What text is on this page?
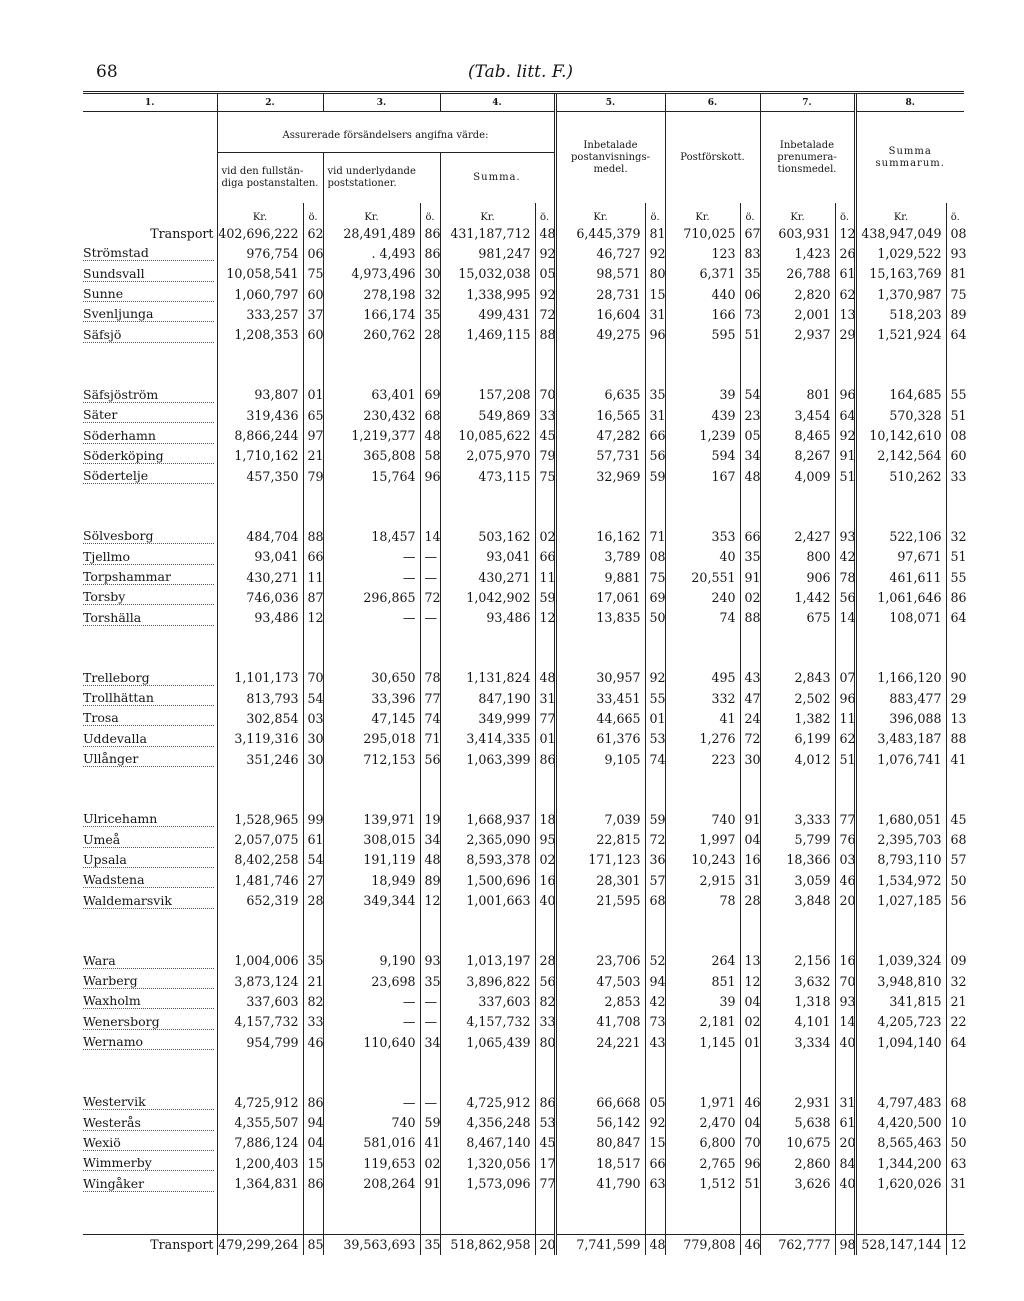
68	(Tab. litt. F.)
1.	2.		3.		4.		5.		6.		7.		8.	
	Assurerade försändelsers angifna värde:						Inbetalade
postanvisnings-
medel.		Postförskott.		Inbetalade
prenumera-
tionsmedel.		Summa
summarum.	
	vid den fullstän-
diga postanstalten.		vid underlydande
poststationer.		Summa.									
	Kr.	ö.	Kr.	ö.	Kr.	ö.	Kr.	ö.	Kr.	ö.	Kr.	ö.	Kr.	ö.
Transport	402,696,222	62	28,491,489	86	431,187,712	48	6,445,379	81	710,025	67	603,931	12	438,947,049	08
Strömstad	976,754	06	. 4,493	86	981,247	92	46,727	92	123	83	1,423	26	1,029,522	93
Sundsvall	10,058,541	75	4,973,496	30	15,032,038	05	98,571	80	6,371	35	26,788	61	15,163,769	81
Sunne	1,060,797	60	278,198	32	1,338,995	92	28,731	15	440	06	2,820	62	1,370,987	75
Svenljunga	333,257	37	166,174	35	499,431	72	16,604	31	166	73	2,001	13	518,203	89
Säfsjö	1,208,353	60	260,762	28	1,469,115	88	49,275	96	595	51	2,937	29	1,521,924	64

Säfsjöström	93,807	01	63,401	69	157,208	70	6,635	35	39	54	801	96	164,685	55
Säter	319,436	65	230,432	68	549,869	33	16,565	31	439	23	3,454	64	570,328	51
Söderhamn	8,866,244	97	1,219,377	48	10,085,622	45	47,282	66	1,239	05	8,465	92	10,142,610	08
Söderköping	1,710,162	21	365,808	58	2,075,970	79	57,731	56	594	34	8,267	91	2,142,564	60
Södertelje	457,350	79	15,764	96	473,115	75	32,969	59	167	48	4,009	51	510,262	33

Sölvesborg	484,704	88	18,457	14	503,162	02	16,162	71	353	66	2,427	93	522,106	32
Tjellmo	93,041	66	—	—	93,041	66	3,789	08	40	35	800	42	97,671	51
Torpshammar	430,271	11	—	—	430,271	11	9,881	75	20,551	91	906	78	461,611	55
Torsby	746,036	87	296,865	72	1,042,902	59	17,061	69	240	02	1,442	56	1,061,646	86
Torshälla	93,486	12	—	—	93,486	12	13,835	50	74	88	675	14	108,071	64

Trelleborg	1,101,173	70	30,650	78	1,131,824	48	30,957	92	495	43	2,843	07	1,166,120	90
Trollhättan	813,793	54	33,396	77	847,190	31	33,451	55	332	47	2,502	96	883,477	29
Trosa	302,854	03	47,145	74	349,999	77	44,665	01	41	24	1,382	11	396,088	13
Uddevalla	3,119,316	30	295,018	71	3,414,335	01	61,376	53	1,276	72	6,199	62	3,483,187	88
Ullånger	351,246	30	712,153	56	1,063,399	86	9,105	74	223	30	4,012	51	1,076,741	41

Ulricehamn	1,528,965	99	139,971	19	1,668,937	18	7,039	59	740	91	3,333	77	1,680,051	45
Umeå	2,057,075	61	308,015	34	2,365,090	95	22,815	72	1,997	04	5,799	76	2,395,703	68
Upsala	8,402,258	54	191,119	48	8,593,378	02	171,123	36	10,243	16	18,366	03	8,793,110	57
Wadstena	1,481,746	27	18,949	89	1,500,696	16	28,301	57	2,915	31	3,059	46	1,534,972	50
Waldemarsvik	652,319	28	349,344	12	1,001,663	40	21,595	68	78	28	3,848	20	1,027,185	56

Wara	1,004,006	35	9,190	93	1,013,197	28	23,706	52	264	13	2,156	16	1,039,324	09
Warberg	3,873,124	21	23,698	35	3,896,822	56	47,503	94	851	12	3,632	70	3,948,810	32
Waxholm	337,603	82	—	—	337,603	82	2,853	42	39	04	1,318	93	341,815	21
Wenersborg	4,157,732	33	—	—	4,157,732	33	41,708	73	2,181	02	4,101	14	4,205,723	22
Wernamo	954,799	46	110,640	34	1,065,439	80	24,221	43	1,145	01	3,334	40	1,094,140	64

Westervik	4,725,912	86	—	—	4,725,912	86	66,668	05	1,971	46	2,931	31	4,797,483	68
Westerås	4,355,507	94	740	59	4,356,248	53	56,142	92	2,470	04	5,638	61	4,420,500	10
Wexiö	7,886,124	04	581,016	41	8,467,140	45	80,847	15	6,800	70	10,675	20	8,565,463	50
Wimmerby	1,200,403	15	119,653	02	1,320,056	17	18,517	66	2,765	96	2,860	84	1,344,200	63
Wingåker	1,364,831	86	208,264	91	1,573,096	77	41,790	63	1,512	51	3,626	40	1,620,026	31

Transport	479,299,264	85	39,563,693	35	518,862,958	20	7,741,599	48	779,808	46	762,777	98	528,147,144	12
